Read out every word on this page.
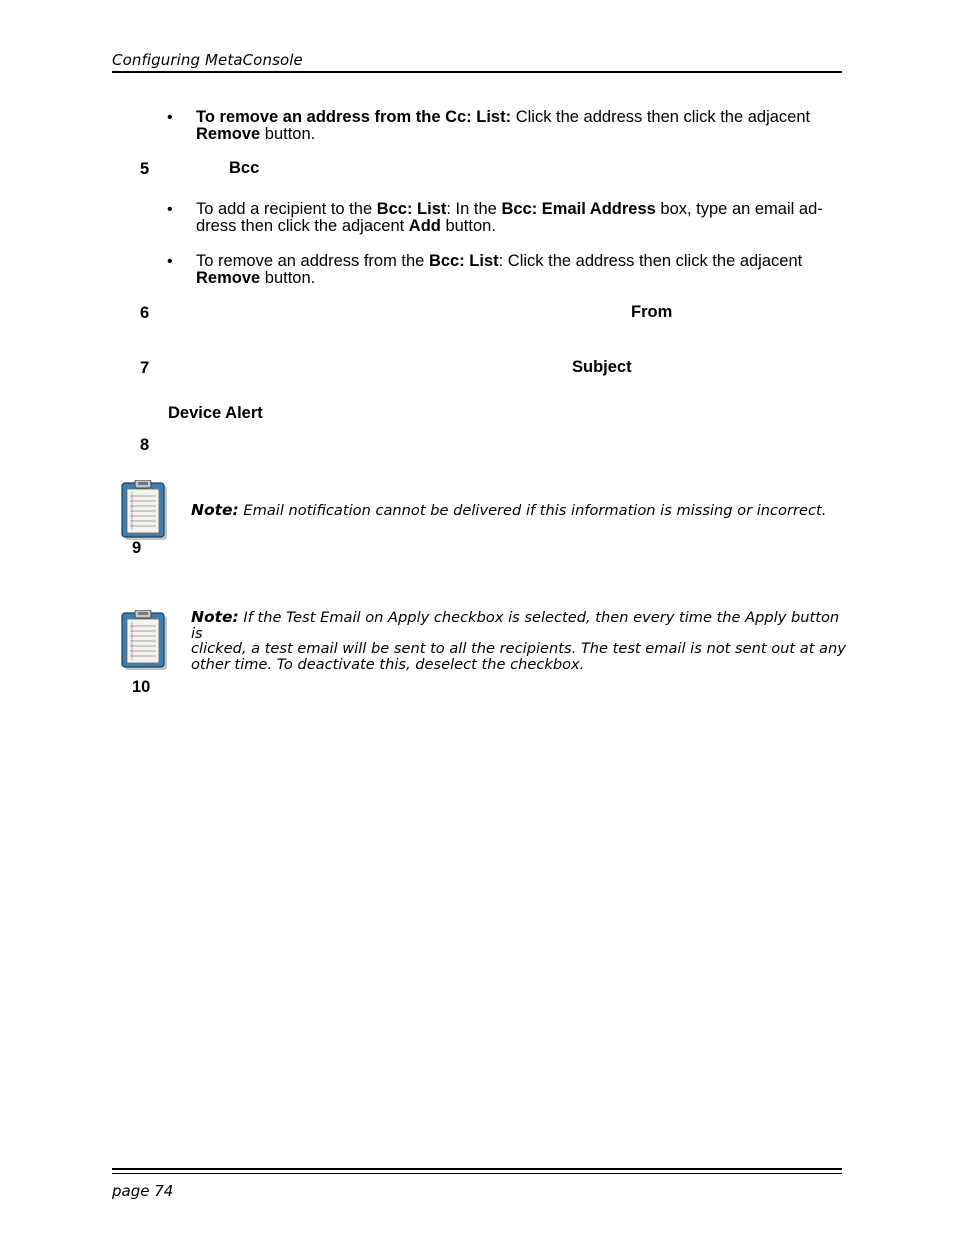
Configuring MetaConsole
• To remove an address from the Cc: List: Click the address then click the adjacent
Remove button.
5	Bcc
• To add a recipient to the Bcc: List: In the Bcc: Email Address box, type an email ad-
dress then click the adjacent Add button.
• To remove an address from the Bcc: List: Click the address then click the adjacent
Remove button.
6	From
7	Subject
Device Alert
8
Note: Email notification cannot be delivered if this information is missing or incorrect.
9
Note: If the Test Email on Apply checkbox is selected, then every time the Apply button is
clicked, a test email will be sent to all the recipients. The test email is not sent out at any
other time. To deactivate this, deselect the checkbox.
10
page 74
